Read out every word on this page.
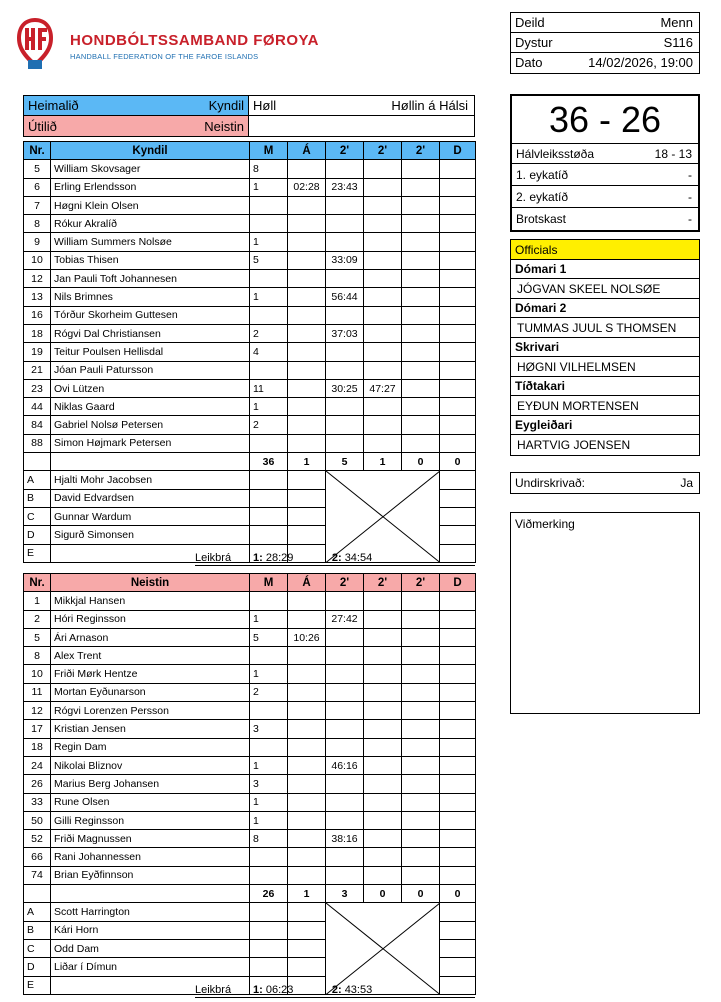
HONDBÓLTSSAMBAND FØROYA
HANDBALL FEDERATION OF THE FAROE ISLANDS
Deild	Menn
Dystur	S116
Dato	14/02/2026, 19:00
Heimalið	Kyndil Høll	Høllin á Hálsi
Útilið	Neistin	36 - 26
Hálvleiksstøða	18 - 13
1. eykatíð	-
2. eykatíð	-
Brotskast	-
Officials
Dómari 1
JÓGVAN SKEEL NOLSØE
Dómari 2
TUMMAS JUUL S THOMSEN
Skrivari
HØGNI VILHELMSEN
Tíðtakari
EYÐUN MORTENSEN
Eygleiðari
HARTVIG JOENSEN
Undirskrivað:	Ja
Viðmerking
Nr.	Kyndil	M	Á	2'	2'	2'	D
5	William Skovsager	8					
6	Erling Erlendsson	1	02:28	23:43			
7	Høgni Klein Olsen						
8	Rókur Akralíð						
9	William Summers Nolsøe	1					
10	Tobias Thisen	5		33:09			
12	Jan Pauli Toft Johannesen						
13	Nils Brimnes	1		56:44			
16	Tórður Skorheim Guttesen						
18	Rógvi Dal Christiansen	2		37:03			
19	Teitur Poulsen Hellisdal	4					
21	Jóan Pauli Patursson						
23	Ovi Lützen	11		30:25	47:27		
44	Niklas Gaard	1					
84	Gabriel Nolsø Petersen	2					
88	Simon Højmark Petersen						
		36	1	5	1	0	0
A	Hjalti Mohr Jacobsen						
B	David Edvardsen						
C	Gunnar Wardum						
D	Sigurð Simonsen						
E								Leikbrá 1: 28:29	2: 34:54
Nr.	Neistin	M	Á	2'	2'	2'	D
1	Mikkjal Hansen						
2	Hóri Reginsson	1		27:42			
5	Ári Arnason	5	10:26				
8	Alex Trent						
10	Friði Mørk Hentze	1					
11	Mortan Eyðunarson	2					
12	Rógvi Lorenzen Persson						
17	Kristian Jensen	3					
18	Regin Dam						
24	Nikolai Bliznov	1		46:16			
26	Marius Berg Johansen	3					
33	Rune Olsen	1					
50	Gilli Reginsson	1					
52	Friði Magnussen	8		38:16			
66	Rani Johannessen						
74	Brian Eyðfinnson						
		26	1	3	0	0	0
A	Scott Harrington						
B	Kári Horn						
C	Odd Dam						
D	Liðar í Dímun						
E								Leikbrá 1: 06:23	2: 43:53
